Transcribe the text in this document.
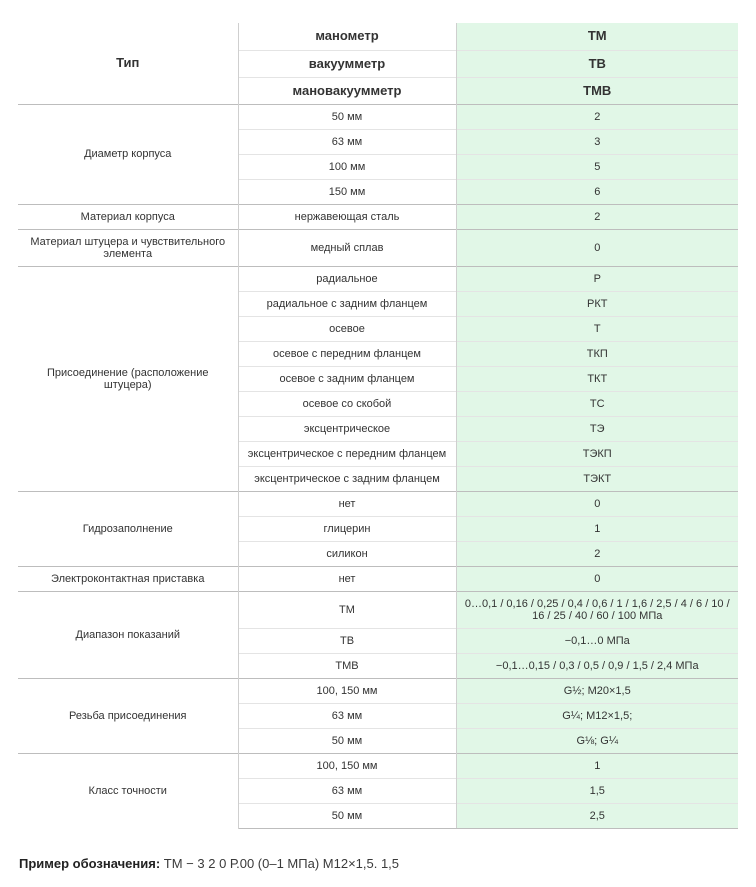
Тип	манометр	ТМ
	вакуумметр	ТВ
	мановакуумметр	ТМВ
Диаметр корпуса	50 мм	2
	63 мм	3
	100 мм	5
	150 мм	6
Материал корпуса	нержавеющая сталь	2
Материал штуцера и чувствительного элемента	медный сплав	0
Присоединение (расположение штуцера)	радиальное	Р
	радиальное с задним фланцем	РКТ
	осевое	Т
	осевое с передним фланцем	ТКП
	осевое с задним фланцем	ТКТ
	осевое со скобой	ТС
	эксцентрическое	ТЭ
	эксцентрическое с передним фланцем	ТЭКП
	эксцентрическое с задним фланцем	ТЭКТ
Гидрозаполнение	нет	0
	глицерин	1
	силикон	2
Электроконтактная приставка	нет	0
Диапазон показаний	ТМ	0…0,1 / 0,16 / 0,25 / 0,4 / 0,6 / 1 / 1,6 / 2,5 / 4 / 6 / 10 / 16 / 25 / 40 / 60 / 100 МПа
	ТВ	−0,1…0 МПа
	ТМВ	−0,1…0,15 / 0,3 / 0,5 / 0,9 / 1,5 / 2,4 МПа
Резьба присоединения	100, 150 мм	G½; M20×1,5
	63 мм	G¼; M12×1,5;
	50 мм	G⅛; G¼
Класс точности	100, 150 мм	1
	63 мм	1,5
	50 мм	2,5
Пример обозначения: ТМ − 3 2 0 Р.00 (0–1 МПа) М12×1,5. 1,5
